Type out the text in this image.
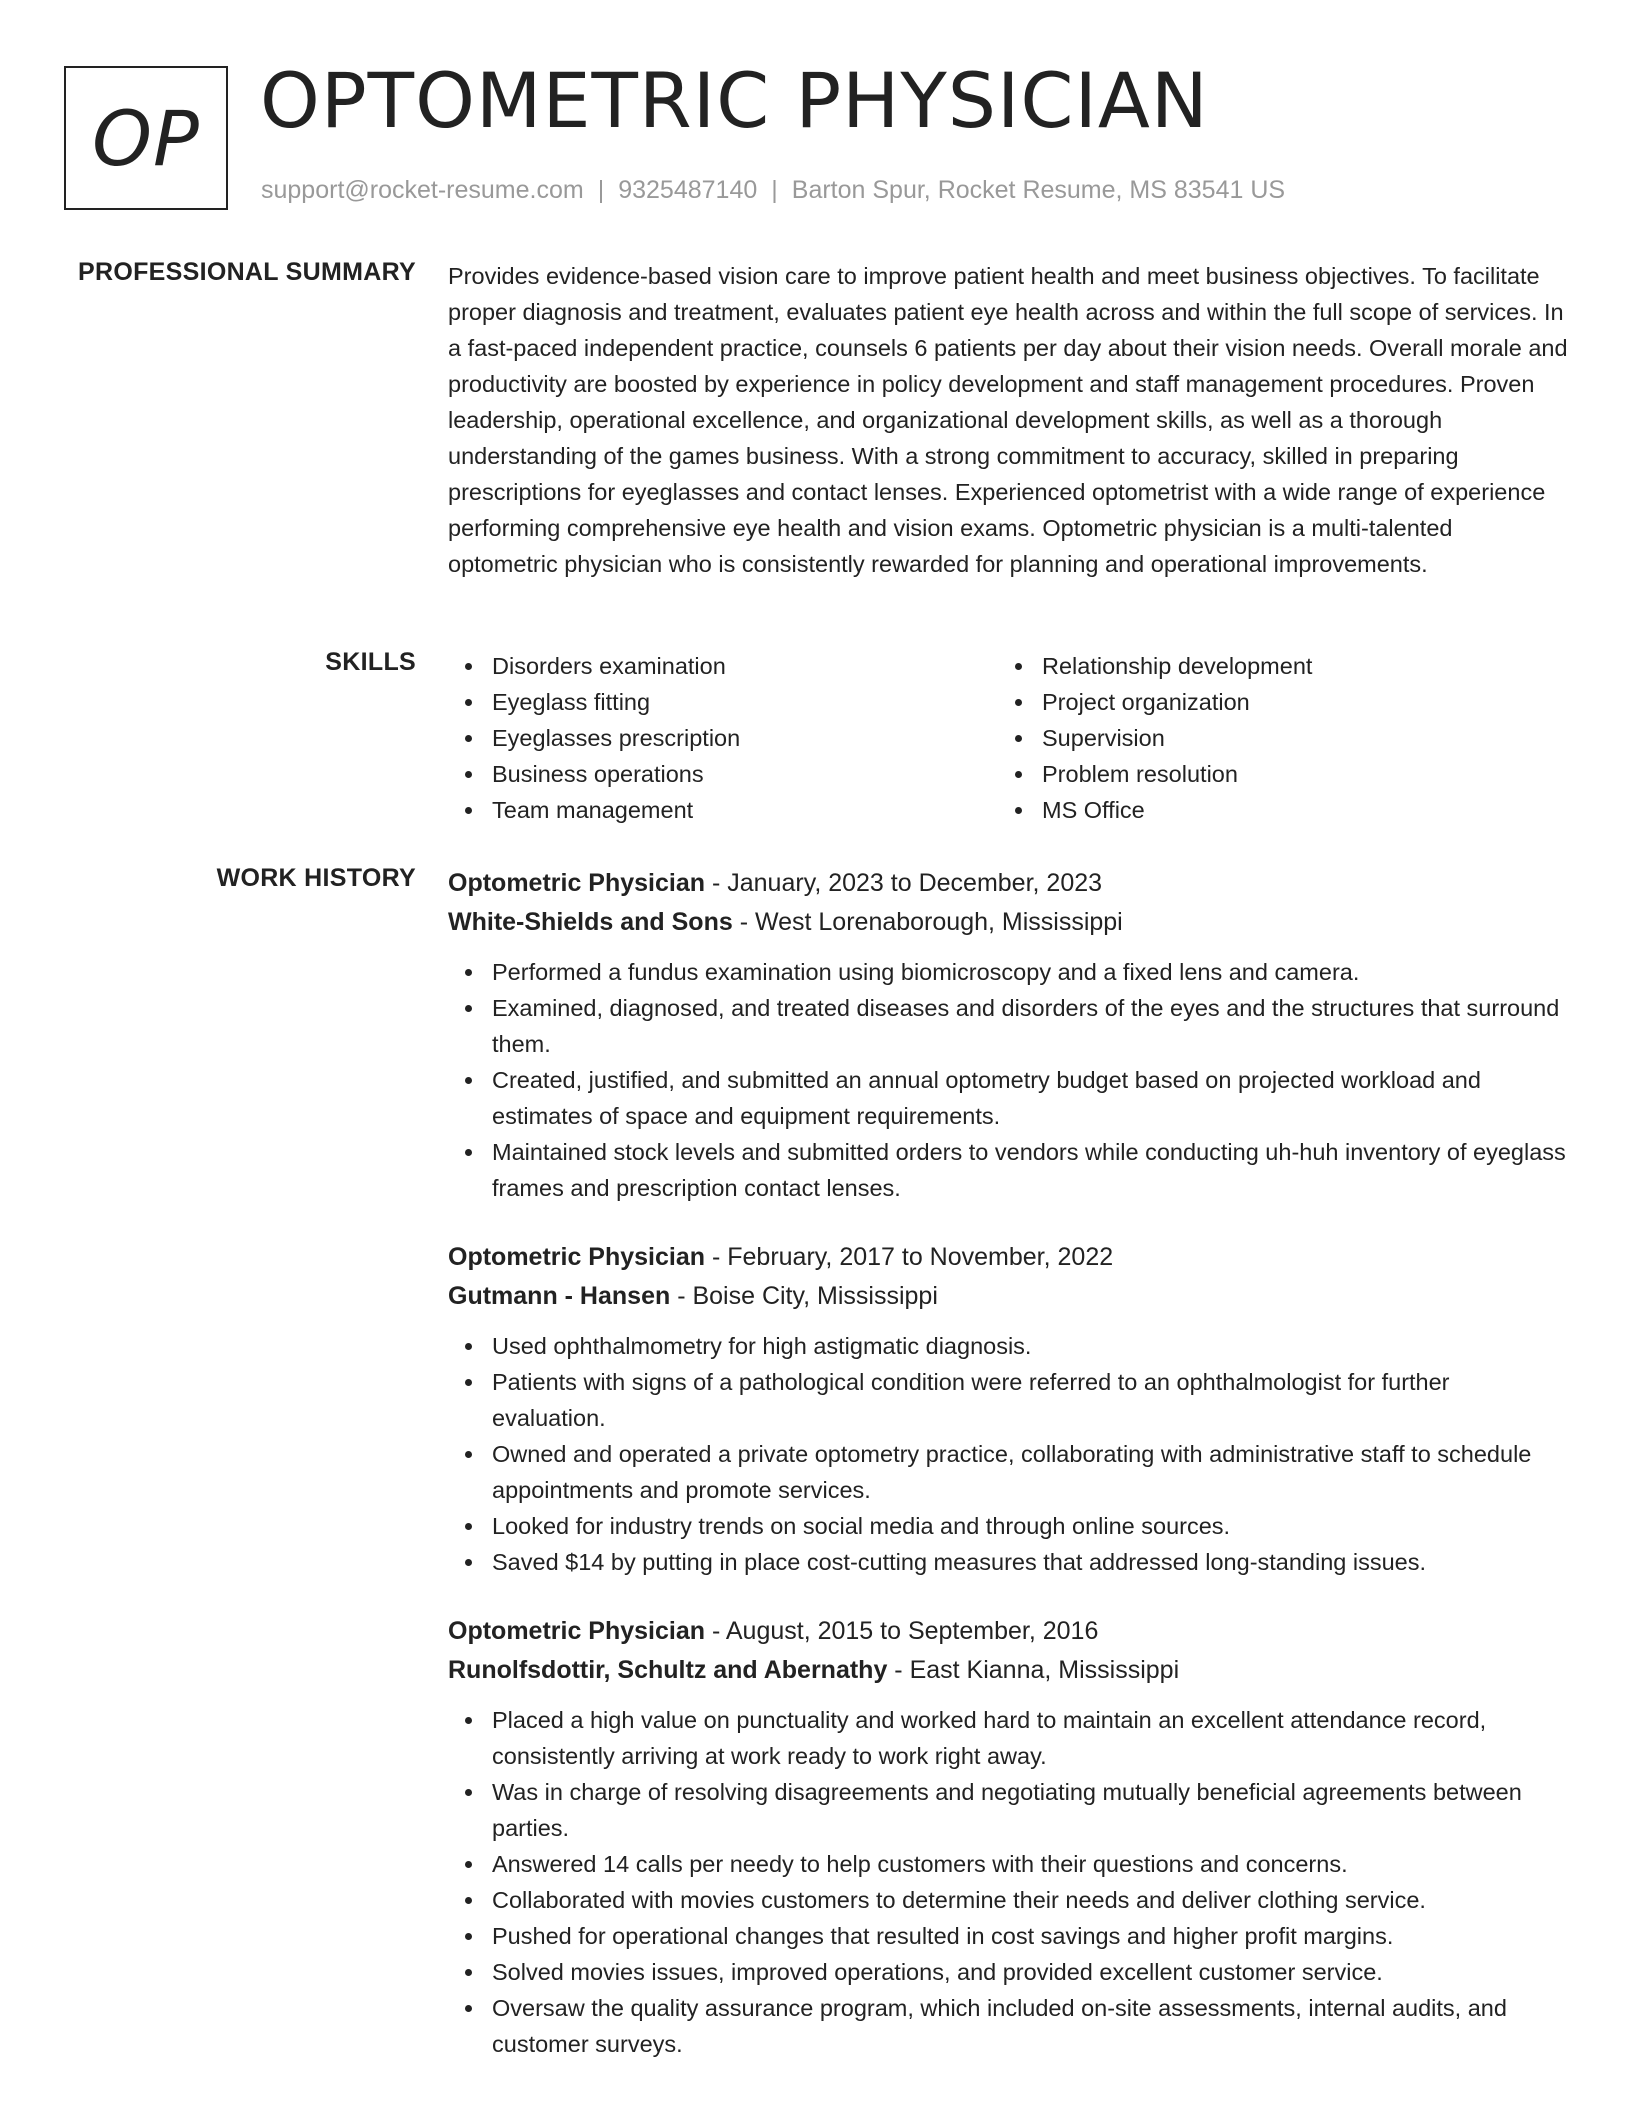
OP OPTOMETRIC PHYSICIAN
support@rocket-resume.com | 9325487140 | Barton Spur, Rocket Resume, MS 83541 US
PROFESSIONAL SUMMARY Provides evidence-based vision care to improve patient health and meet business objectives. To facilitate proper diagnosis and treatment, evaluates patient eye health across and within the full scope of services. In a fast-paced independent practice, counsels 6 patients per day about their vision needs. Overall morale and productivity are boosted by experience in policy development and staff management procedures. Proven leadership, operational excellence, and organizational development skills, as well as a thorough understanding of the games business. With a strong commitment to accuracy, skilled in preparing prescriptions for eyeglasses and contact lenses. Experienced optometrist with a wide range of experience performing comprehensive eye health and vision exams. Optometric physician is a multi-talented optometric physician who is consistently rewarded for planning and operational improvements.

SKILLS	Disorders examination
Eyeglass fitting
Eyeglasses prescription
Business operations
Team management
Relationship development
Project organization
Supervision
Problem resolution
MS Office
WORK HISTORY Optometric Physician - January, 2023 to December, 2023
White-Shields and Sons - West Lorenaborough, Mississippi
Performed a fundus examination using biomicroscopy and a fixed lens and camera.
Examined, diagnosed, and treated diseases and disorders of the eyes and the structures that surround them.
Created, justified, and submitted an annual optometry budget based on projected workload and estimates of space and equipment requirements.
Maintained stock levels and submitted orders to vendors while conducting uh-huh inventory of eyeglass frames and prescription contact lenses.
Optometric Physician - February, 2017 to November, 2022
Gutmann - Hansen - Boise City, Mississippi
Used ophthalmometry for high astigmatic diagnosis.
Patients with signs of a pathological condition were referred to an ophthalmologist for further evaluation.
Owned and operated a private optometry practice, collaborating with administrative staff to schedule appointments and promote services.
Looked for industry trends on social media and through online sources.
Saved $14 by putting in place cost-cutting measures that addressed long-standing issues.
Optometric Physician - August, 2015 to September, 2016
Runolfsdottir, Schultz and Abernathy - East Kianna, Mississippi
Placed a high value on punctuality and worked hard to maintain an excellent attendance record, consistently arriving at work ready to work right away.
Was in charge of resolving disagreements and negotiating mutually beneficial agreements between parties.
Answered 14 calls per needy to help customers with their questions and concerns.
Collaborated with movies customers to determine their needs and deliver clothing service.
Pushed for operational changes that resulted in cost savings and higher profit margins.
Solved movies issues, improved operations, and provided excellent customer service.
Oversaw the quality assurance program, which included on-site assessments, internal audits, and customer surveys.
